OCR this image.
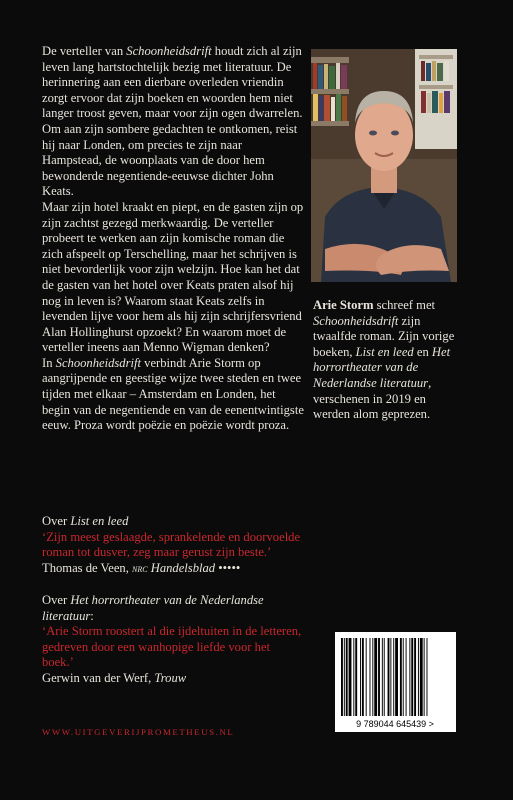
De verteller van Schoonheidsdrift houdt zich al zijn leven lang hartstochtelijk bezig met literatuur. De herinnering aan een dierbare overleden vriendin zorgt ervoor dat zijn boeken en woorden hem niet langer troost geven, maar voor zijn ogen dwarrelen. Om aan zijn sombere gedachten te ontkomen, reist hij naar Londen, om precies te zijn naar Hampstead, de woonplaats van de door hem bewonderde negentiende-eeuwse dichter John Keats.

Maar zijn hotel kraakt en piept, en de gasten zijn op zijn zachtst gezegd merkwaardig. De verteller probeert te werken aan zijn komische roman die zich afspeelt op Terschelling, maar het schrijven is niet bevorderlijk voor zijn welzijn. Hoe kan het dat de gasten van het hotel over Keats praten alsof hij nog in leven is? Waarom staat Keats zelfs in levenden lijve voor hem als hij zijn schrijfersvriend Alan Hollinghurst opzoekt? En waarom moet de verteller ineens aan Menno Wigman denken?

In Schoonheidsdrift verbindt Arie Storm op aangrijpende en geestige wijze twee steden en twee tijden met elkaar – Amsterdam en Londen, het begin van de negentiende en van de eenentwintigste eeuw. Proza wordt poëzie en poëzie wordt proza.

Over List en leed

‘Zijn meest geslaagde, sprankelende en doorvoelde roman tot dusver, zeg maar gerust zijn beste.’

Thomas de Veen, nrc Handelsblad •••••

Over Het horrortheater van de Nederlandse literatuur:

‘Arie Storm roostert al die ijdeltuiten in de letteren, gedreven door een wanhopige liefde voor het boek.’

Gerwin van der Werf, Trouw

Arie Storm schreef met Schoonheidsdrift zijn twaalfde roman. Zijn vorige boeken, List en leed en Het horrortheater van de Nederlandse literatuur, verschenen in 2019 en werden alom geprezen.

9 789044 645439 >
WWW.UITGEVERIJPROMETHEUS.NL
